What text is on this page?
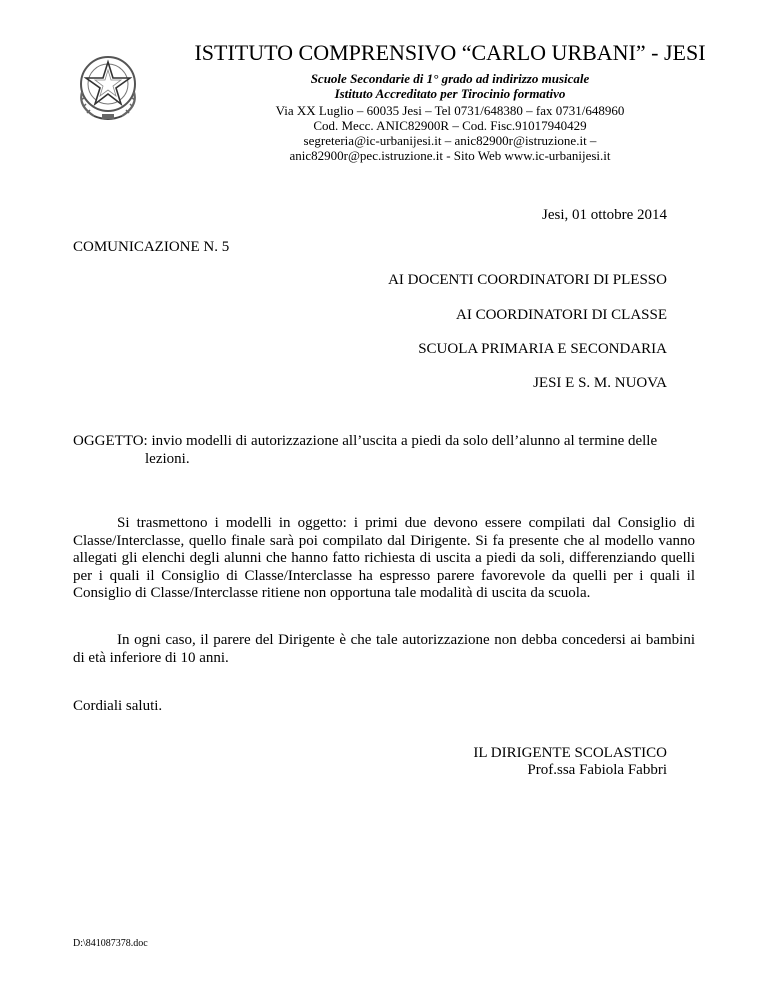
ISTITUTO COMPRENSIVO “CARLO URBANI” - JESI
Scuole Secondarie di 1° grado ad indirizzo musicale
Istituto Accreditato per Tirocinio formativo
Via XX Luglio – 60035 Jesi – Tel 0731/648380 – fax 0731/648960
Cod. Mecc. ANIC82900R – Cod. Fisc.91017940429
segreteria@ic-urbanijesi.it – anic82900r@istruzione.it –
anic82900r@pec.istruzione.it - Sito Web www.ic-urbanijesi.it
Jesi, 01 ottobre 2014
COMUNICAZIONE N. 5
AI DOCENTI COORDINATORI DI PLESSO
AI COORDINATORI DI CLASSE
SCUOLA PRIMARIA E SECONDARIA
JESI E S. M. NUOVA
OGGETTO: invio modelli di autorizzazione all’uscita a piedi da solo dell’alunno al termine delle
lezioni.
Si trasmettono i modelli in oggetto: i primi due devono essere compilati dal Consiglio di Classe/Interclasse, quello finale sarà poi compilato dal Dirigente. Si fa presente che al modello vanno allegati gli elenchi degli alunni che hanno fatto richiesta di uscita a piedi da soli, differenziando quelli per i quali il Consiglio di Classe/Interclasse ha espresso parere favorevole da quelli per i quali il Consiglio di Classe/Interclasse ritiene non opportuna tale modalità di uscita da scuola.
In ogni caso, il parere del Dirigente è che tale autorizzazione non debba concedersi ai bambini di età inferiore di 10 anni.
Cordiali saluti.
IL DIRIGENTE SCOLASTICO
Prof.ssa Fabiola Fabbri
D:\841087378.doc
